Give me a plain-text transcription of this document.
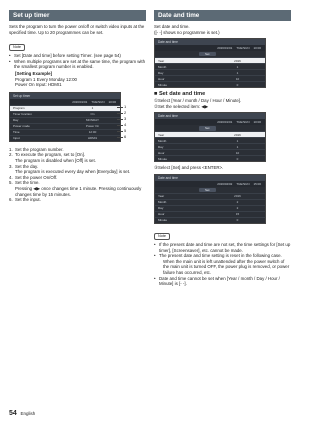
Set up timer
Sets the program to turn the power on/off or switch video inputs at the specified time. Up to 20 programmes can be set.
Note
• Set [Date and time] before setting Timer. (see page 54)
• When multiple programs are set at the same time, the program with the smallest program number is enabled.
[Setting Example]
Program 1 Every Monday 12:00
Power On Input: HDMI1
Set up timer
2016/01/01 TUE/SUN 10:00
Program	1
Timer function	On
Day	MONDAY
Power mode	Power On
Time	12:00
Input	HDMI1
1
2
3
4
5
6
1. Set the program number.
2. To execute the program, set to [On].
The program is disabled when [Off] is set.
3. Set the day.
The program is executed every day when [Everyday] is set.
4. Set the power On/Off.
5. Set the time.
Pressing ◀▶ once changes time 1 minute. Pressing continuously changes time by 15 minutes.
6. Set the input.
Date and time
Set date and time.
([- -] shows no programme is set.)
Date and time
2016/01/01 TUE/SUN 10:00
Set
Year	2016
Month	1
Day	1
Hour	10
Minute	0
■ Set date and time
①Select [Year / month / Day / Hour / Minute].
②Set the selected item: ◀▶
Date and time
2016/01/01 TUE/SUN 10:00
Set
Year	2016
Month	1
Day	1
Hour	10
Minute	0
③Select [Set] and press <ENTER>.
Date and time
2016/02/02 TUE/SUN 15:00
Set
Year	2016
Month	2
Day	2
Hour	15
Minute	0
Note
• If the present date and time are not set, the time settings for [Set up timer], [Screensaver], etc. cannot be made.
• The present date and time setting is reset in the following case.
When the main unit is left unattended after the power switch of the main unit is turned OFF, the power plug is removed, or power failure has occurred, etc.
• Date and time cannot be set when [Year / month / Day / Hour / Minute] is [- -].
54 English
